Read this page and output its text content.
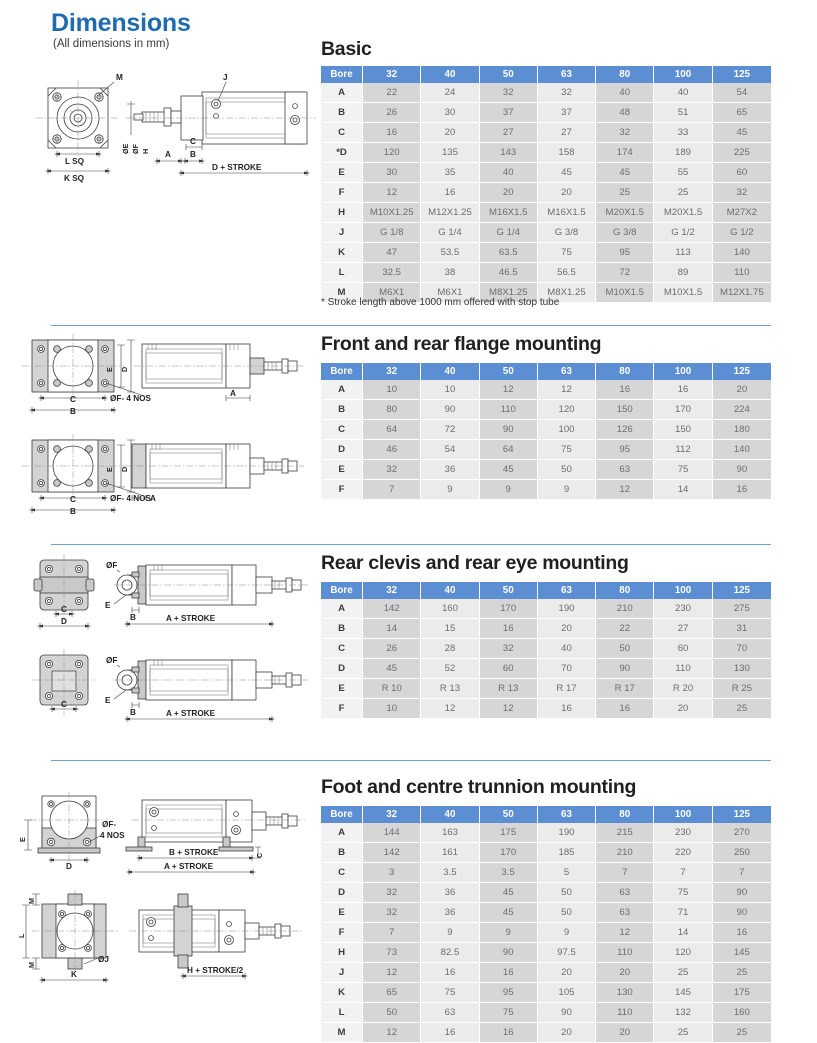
Dimensions
(All dimensions in mm)	Basic
M
L SQ
K SQ
J
ØE ØF H A B
C
D + STROKE
Bore	32	40	50	63	80	100	125
A	22	24	32	32	40	40	54
B	26	30	37	37	48	51	65
C	16	20	27	27	32	33	45
*D	120	135	143	158	174	189	225
E	30	35	40	45	45	55	60
F	12	16	20	20	25	25	32
H	M10X1.25	M12X1.25	M16X1.5	M16X1.5	M20X1.5	M20X1.5	M27X2
J	G 1/8	G 1/4	G 1/4	G 3/8	G 3/8	G 1/2	G 1/2
K	47	53.5	63.5	75	95	113	140
L	32.5	38	46.5	56.5	72	89	110
M	M6X1	M6X1	M8X1.25	M8X1.25	M10X1.5	M10X1.5	M12X1.75
* Stroke length above 1000 mm offered with stop tube
Front and rear flange mounting
E D
C
B
ØF- 4 NOS
A
E D
C
B
ØF- 4 NOS A
Bore	32	40	50	63	80	100	125
A	10	10	12	12	16	16	20
B	80	90	110	120	150	170	224
C	64	72	90	100	126	150	180
D	46	54	64	75	95	112	140
E	32	36	45	50	63	75	90
F	7	9	9	9	12	14	16
Rear clevis and rear eye mounting
C
D
ØF
E
B	A + STROKE
C
ØF
E
B	A + STROKE
Bore	32	40	50	63	80	100	125
A	142	160	170	190	210	230	275
B	14	15	16	20	22	27	31
C	26	28	32	40	50	60	70
D	45	52	60	70	90	110	130
E	R 10	R 13	R 13	R 17	R 17	R 20	R 25
F	10	12	12	16	16	20	25
Foot and centre trunnion mounting
E
D
ØF-
4 NOS
B + STROKE
A + STROKE
C
M
M
L
ØJ
K	H + STROKE/2
Bore	32	40	50	63	80	100	125
A	144	163	175	190	215	230	270
B	142	161	170	185	210	220	250
C	3	3.5	3.5	5	7	7	7
D	32	36	45	50	63	75	90
E	32	36	45	50	63	71	90
F	7	9	9	9	12	14	16
H	73	82.5	90	97.5	110	120	145
J	12	16	16	20	20	25	25
K	65	75	95	105	130	145	175
L	50	63	75	90	110	132	160
M	12	16	16	20	20	25	25
